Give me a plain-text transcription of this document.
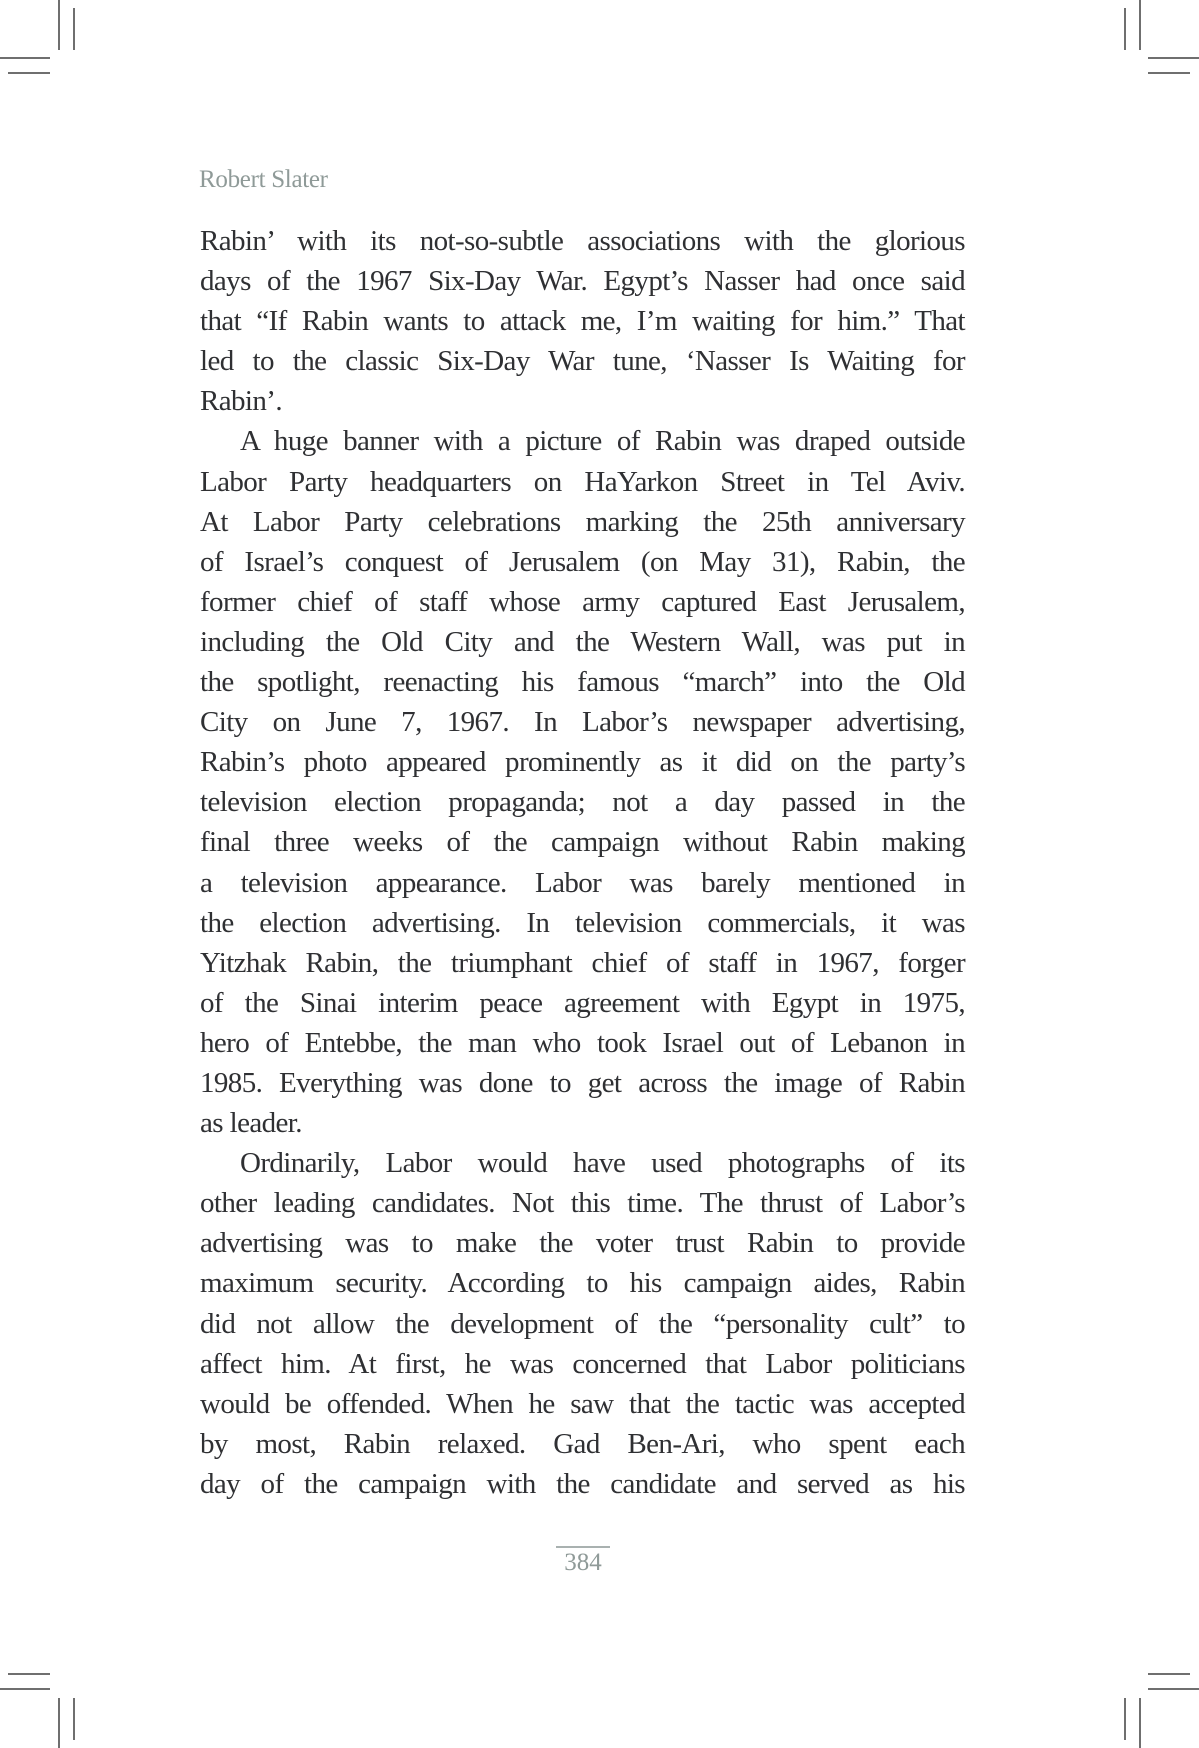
Robert Slater

Rabin’ with its not-so-subtle associations with the glorious
days of the 1967 Six-Day War. Egypt’s Nasser had once said
that “If Rabin wants to attack me, I’m waiting for him.” That
led to the classic Six-Day War tune, ‘Nasser Is Waiting for
Rabin’.

A huge banner with a picture of Rabin was draped outside
Labor Party headquarters on HaYarkon Street in Tel Aviv.
At Labor Party celebrations marking the 25th anniversary
of Israel’s conquest of Jerusalem (on May 31), Rabin, the
former chief of staff whose army captured East Jerusalem,
including the Old City and the Western Wall, was put in
the spotlight, reenacting his famous “march” into the Old
City on June 7, 1967. In Labor’s newspaper advertising,
Rabin’s photo appeared prominently as it did on the party’s
television election propaganda; not a day passed in the
final three weeks of the campaign without Rabin making
a television appearance. Labor was barely mentioned in
the election advertising. In television commercials, it was
Yitzhak Rabin, the triumphant chief of staff in 1967, forger
of the Sinai interim peace agreement with Egypt in 1975,
hero of Entebbe, the man who took Israel out of Lebanon in
1985. Everything was done to get across the image of Rabin
as leader.

Ordinarily, Labor would have used photographs of its
other leading candidates. Not this time. The thrust of Labor’s
advertising was to make the voter trust Rabin to provide
maximum security. According to his campaign aides, Rabin
did not allow the development of the “personality cult” to
affect him. At first, he was concerned that Labor politicians
would be offended. When he saw that the tactic was accepted
by most, Rabin relaxed. Gad Ben-Ari, who spent each
day of the campaign with the candidate and served as his

384
